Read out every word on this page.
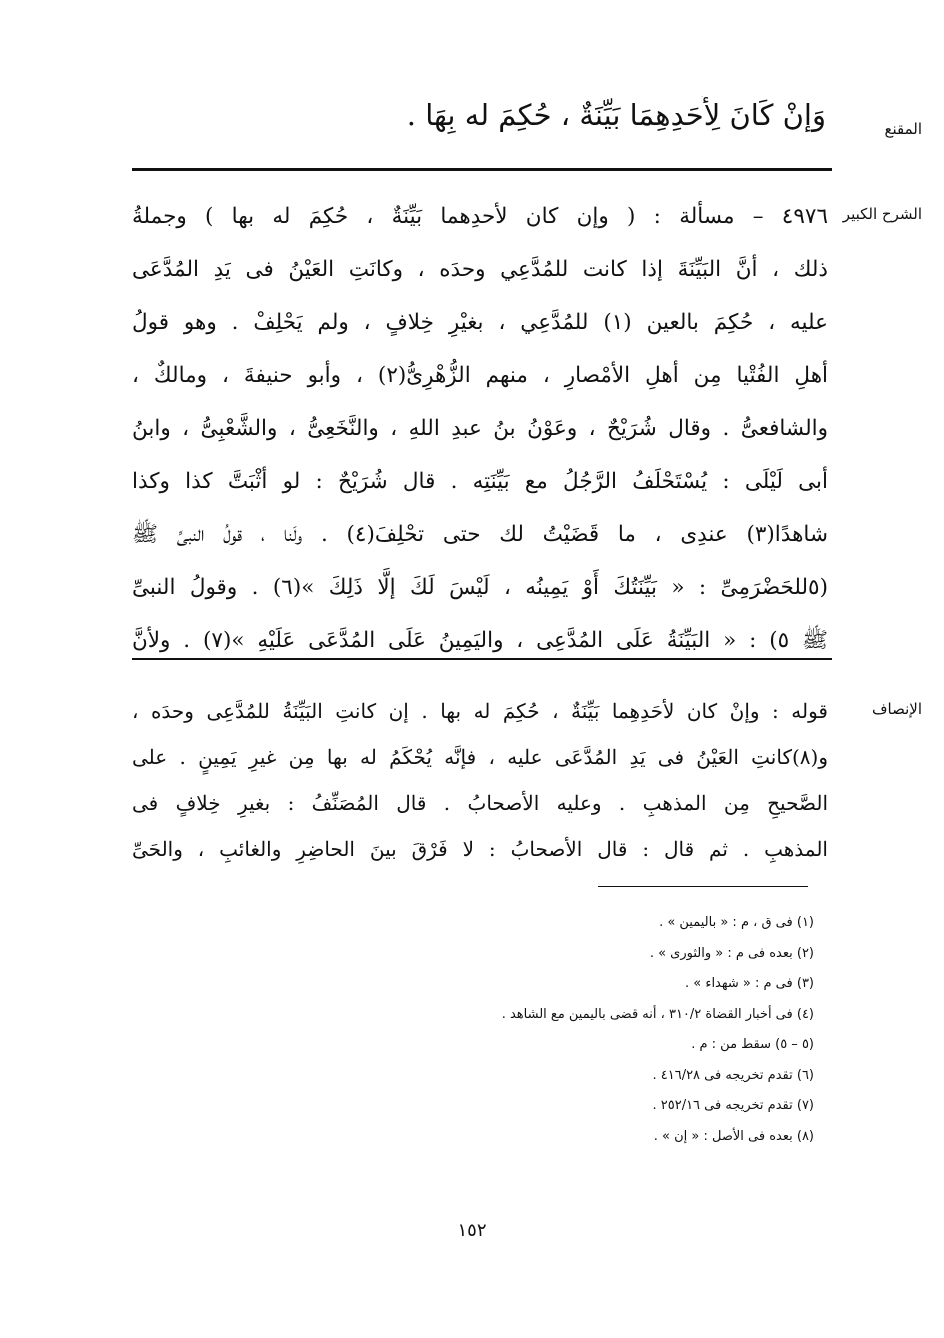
المقنع
الشرح الكبير
الإنصاف
وَإنْ كَانَ لِأَحَدِهِمَا بَيِّنَةٌ ، حُكِمَ له بِهَا .
٤٩٧٦ – مسألة : ( وإن كان لأحدِهما بَيِّنَةٌ ، حُكِمَ له بها ) وجملةُ
ذلك ، أنَّ البَيِّنَةَ إذا كانت للمُدَّعِي وحدَه ، وكانَتِ العَيْنُ فى يَدِ المُدَّعَى
عليه ، حُكِمَ بالعين (١) للمُدَّعِي ، بغيْرِ خِلافٍ ، ولم يَحْلِفْ . وهو قولُ
أهلِ الفُتْيا مِن أهلِ الأمْصارِ ، منهم الزُّهْرِىُّ(٢) ، وأبو حنيفةَ ، ومالكٌ ،
والشافعىُّ . وقال شُرَيْحٌ ، وعَوْنُ بنُ عبدِ اللهِ ، والنَّخَعِىُّ ، والشَّعْبِىُّ ، وابنُ
أبى لَيْلَى : يُسْتَحْلَفُ الرَّجُلُ مع بَيِّنَتِه . قال شُرَيْحٌ : لو أثْبَتَّ كذا وكذا
شاهدًا(٣) عندِى ، ما قَضَيْتُ لك حتى تحْلِفَ(٤) . ولَنا ، قولُ النبىِّ ﷺ
(٥للحَضْرَمِىِّ : « بَيِّنَتُكَ أَوْ يَمِينُه ، لَيْسَ لَكَ إلَّا ذَلِكَ »(٦) . وقولُ النبىِّ
ﷺ ٥) : « البَيِّنَةُ عَلَى المُدَّعِى ، واليَمِينُ عَلَى المُدَّعَى عَلَيْهِ »(٧) . ولأنَّ
قوله : وإنْ كان لأحَدِهِما بَيِّنَةٌ ، حُكِمَ له بها . إن كانتِ البَيِّنَةُ للمُدَّعِى وحدَه ،
و(٨)كانتِ العَيْنُ فى يَدِ المُدَّعَى عليه ، فإنَّه يُحْكَمُ له بها مِن غيرِ يَمِينٍ . على
الصَّحيحِ مِن المذهبِ . وعليه الأصحابُ . قال المُصَنِّفُ : بغيرِ خِلافٍ فى
المذهبِ . ثم قال : قال الأصحابُ : لا فَرْقَ بينَ الحاضِرِ والغائبِ ، والحَىِّ
(١) فى ق ، م : « باليمين » .
(٢) بعده فى م : « والثورى » .
(٣) فى م : « شهداء » .
(٤) فى أخبار القضاة ٣١٠/٢ ، أنه قضى باليمين مع الشاهد .
(٥ – ٥) سقط من : م .
(٦) تقدم تخريجه فى ٤١٦/٢٨ .
(٧) تقدم تخريجه فى ٢٥٢/١٦ .
(٨) بعده فى الأصل : « إن » .
١٥٢
